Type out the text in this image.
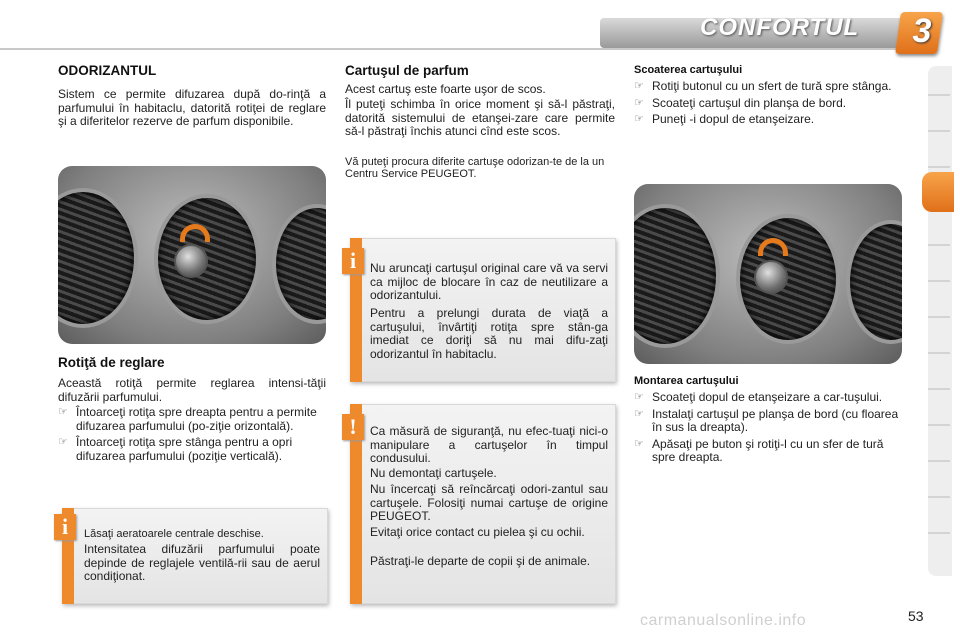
CONFORTUL 3
ODORIZANTUL
Sistem ce permite difuzarea după do-rinţă a parfumului în habitaclu, datorită rotiţei de reglare şi a diferitelor rezerve de parfum disponibile.
Rotiţă de reglare
Această rotiţă permite reglarea intensi-tăţii difuzării parfumului.
☞ Întoarceţi rotiţa spre dreapta pentru a permite difuzarea parfumului (po-ziţie orizontală).
☞ Întoarceţi rotiţa spre stânga pentru a opri difuzarea parfumului (poziţie verticală).
i	Lăsaţi aeratoarele centrale deschise.
Intensitatea difuzării parfumului poate depinde de reglajele ventilă-rii sau de aerul condiţionat.
Cartuşul de parfum
Acest cartuş este foarte uşor de scos.
Îl puteţi schimba în orice moment şi să-l păstraţi, datorită sistemului de etanşei-zare care permite să-l păstraţi închis atunci cînd este scos.
Vă puteţi procura diferite cartuşe odorizan-te de la un Centru Service PEUGEOT.
i	Nu aruncaţi cartuşul original care vă va servi ca mijloc de blocare în caz de neutilizare a odorizantului.
Pentru a prelungi durata de viaţă a cartuşului, învârtiţi rotiţa spre stân-ga imediat ce doriţi să nu mai difu-zaţi odorizantul în habitaclu.
!	Ca măsură de siguranţă, nu efec-tuaţi nici-o manipulare a cartuşelor în timpul condusului.
Nu demontaţi cartuşele.
Nu încercaţi să reîncărcaţi odori-zantul sau cartuşele. Folosiţi numai cartuşe de origine PEUGEOT.
Evitaţi orice contact cu pielea şi cu ochii.
Păstraţi-le departe de copii şi de animale.
Scoaterea cartuşului
☞ Rotiţi butonul cu un sfert de tură spre stânga.
☞ Scoateţi cartuşul din planşa de bord.
☞ Puneţi -i dopul de etanşeizare.
Montarea cartuşului
☞ Scoateţi dopul de etanşeizare a car-tuşului.
☞ Instalaţi cartuşul pe planşa de bord (cu floarea în sus la dreapta).
☞ Apăsaţi pe buton şi rotiţi-l cu un sfer de tură spre dreapta.
carmanualsonline.info	53
